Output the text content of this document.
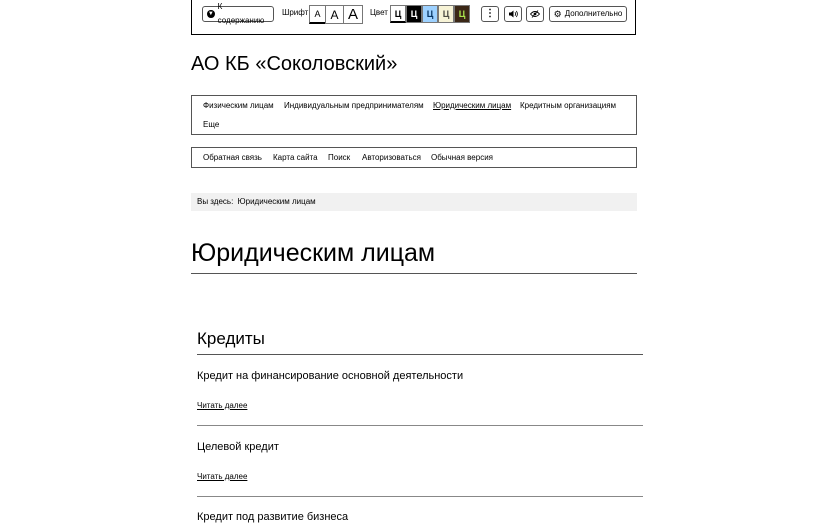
▼
К содержанию
Шрифт A A A Цвет Ц Ц Ц Ц Ц ⋮	⚙ Дополнительно
АО КБ «Соколовский»
Физическим лицам Индивидуальным предпринимателям Юридическим лицам Кредитным организациям
Еще
Обратная связь Карта сайта Поиск Авторизоваться Обычная версия
Вы здесь: Юридическим лицам
Юридическим лицам
Кредиты
Кредит на финансирование основной деятельности
Читать далее
Целевой кредит
Читать далее
Кредит под развитие бизнеса
